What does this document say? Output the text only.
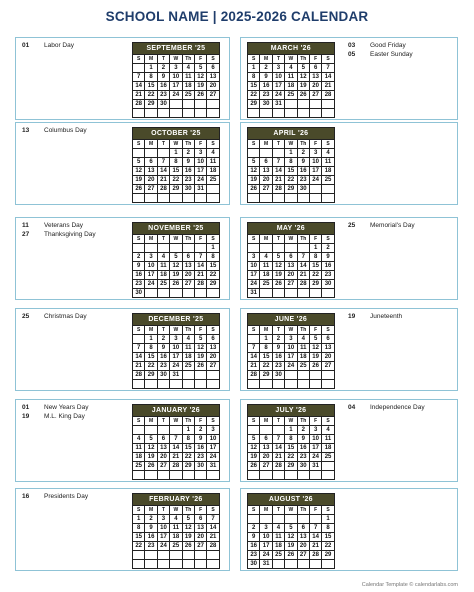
SCHOOL NAME | 2025-2026 CALENDAR
01 Labor Day	SEPTEMBER '25						
S	M	T	W	Th	F	S
	1	2	3	4	5	6
7	8	9	10	11	12	13
14	15	16	17	18	19	20
21	22	23	24	25	26	27
28	29	30				

03 Good Friday
05 Easter Sunday
MARCH '26						
S	M	T	W	Th	F	S
1	2	3	4	5	6	7
8	9	10	11	12	13	14
15	16	17	18	19	20	21
22	23	24	25	26	27	28
29	30	31				

13 Columbus Day	OCTOBER '25						
S	M	T	W	Th	F	S
			1	2	3	4
5	6	7	8	9	10	11
12	13	14	15	16	17	18
19	20	21	22	23	24	25
26	27	28	29	30	31	

APRIL '26						
S	M	T	W	Th	F	S
			1	2	3	4
5	6	7	8	9	10	11
12	13	14	15	16	17	18
19	20	21	22	23	24	25
26	27	28	29	30		

11 Veterans Day
27 Thanksgiving Day
NOVEMBER '25						
S	M	T	W	Th	F	S
						1
2	3	4	5	6	7	8
9	10	11	12	13	14	15
16	17	18	19	20	21	22
23	24	25	26	27	28	29
30						
25 Memorial's Day
MAY '26						
S	M	T	W	Th	F	S
					1	2
3	4	5	6	7	8	9
10	11	12	13	14	15	16
17	18	19	20	21	22	23
24	25	26	27	28	29	30
31						
25 Christmas Day	DECEMBER '25						
S	M	T	W	Th	F	S
	1	2	3	4	5	6
7	8	9	10	11	12	13
14	15	16	17	18	19	20
21	22	23	24	25	26	27
28	29	30	31			

19 Juneteenth
JUNE '26						
S	M	T	W	Th	F	S
	1	2	3	4	5	6
7	8	9	10	11	12	13
14	15	16	17	18	19	20
21	22	23	24	25	26	27
28	29	30				

01 New Years Day
19 M.L. King Day
JANUARY '26						
S	M	T	W	Th	F	S
				1	2	3
4	5	6	7	8	9	10
11	12	13	14	15	16	17
18	19	20	21	22	23	24
25	26	27	28	29	30	31

04 Independence Day
JULY '26						
S	M	T	W	Th	F	S
			1	2	3	4
5	6	7	8	9	10	11
12	13	14	15	16	17	18
19	20	21	22	23	24	25
26	27	28	29	30	31	

16 Presidents Day	FEBRUARY '26						
S	M	T	W	Th	F	S
1	2	3	4	5	6	7
8	9	10	11	12	13	14
15	16	17	18	19	20	21
22	23	24	25	26	27	28

AUGUST '26						
S	M	T	W	Th	F	S
						1
2	3	4	5	6	7	8
9	10	11	12	13	14	15
16	17	18	19	20	21	22
23	24	25	26	27	28	29
30	31					
Calendar Template © calendarlabs.com
